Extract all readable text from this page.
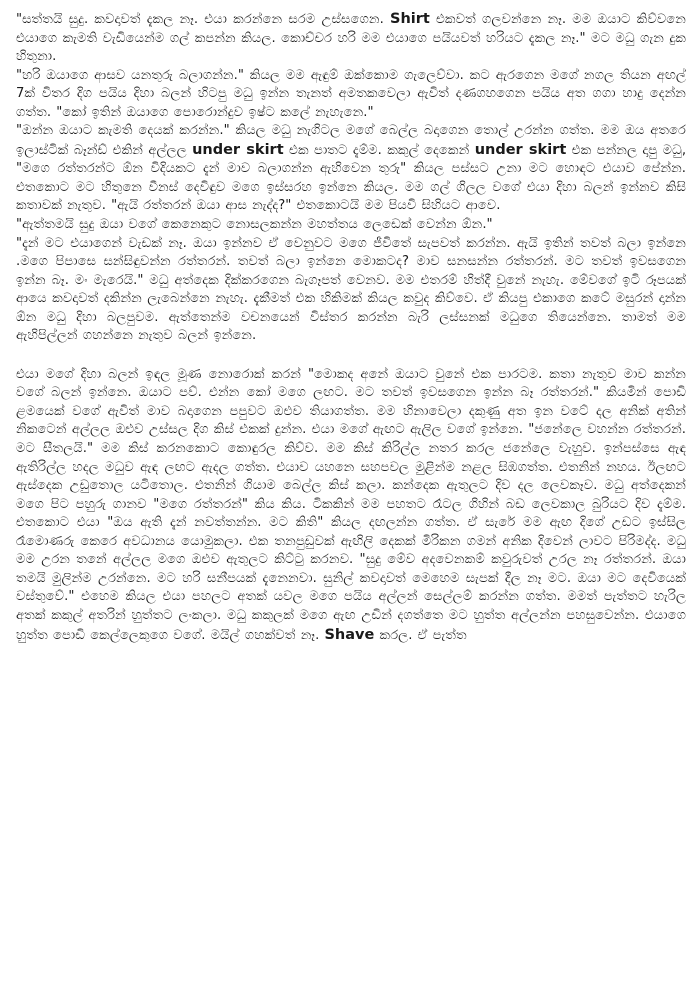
"සත්තයි සුදු. කවදාවත් දැකල නෑ. එයා කරන්නෙ සරම උස්සගෙන. Shirt එකවත් ගලවන්නෙ නෑ. මම ඔයාට කිව්වනෙ එයාගෙ කැමති වැඩියෙන්ම ගල් කපන්න කියල. කොච්චර හරි මම එයාගෙ පයියවත් හරියට දැකල නෑ." මට මධු ගැන දුක හිතුනා.

"හරි ඔයාගෙ ආසව යනතුරු බලාගන්න." කියල මම ඇඳුම් ඔක්කොම ගැලෙව්වා. කට ඇරගෙන මගේ නගල තියන අඟල් 7ක් විතර දිග පයිය දිහා බලන් හිටපු මධු ඉන්න තැනත් අමතකවෙලා ඇවිත් දණගහගෙන පයිය අත ගගා හාදු දෙන්න ගත්ත. "කෝ ඉතින් ඔයාගෙ පොරොන්දුව ඉෂ්ට කලේ නැහැනෙ."

"ඔන්න ඔයාට කැමති දෙයක් කරන්න." කියල මධු නැගිටල මගේ බෙල්ල බදාගෙන තොල් උරන්න ගත්ත. මම ඔය අතරෙ ඉලාස්ටික් බෑන්ඩ් එකින් අල්ලල under skirt එක පාතට දැම්ම. කකුල් දෙකෙන් under skirt එක පන්නල දාපු මධු, "මගෙ රත්තරන්ට ඕන විදියකට දැන් මාව බලාගන්න ඇහිවෙන තුරු" කියල පස්සට උනා මට හොඳට එයාව පේන්න. එතකොට මට හිතුනෙ වීනස් දෙවිඳුව මගෙ ඉස්සරහ ඉන්නෙ කියල. මම ගල් ගිලල වගේ එයා දිහා බලන් ඉන්නව කිසි කතාවක් නැතුව. "ඇයි රත්තරන් ඔයා ආස නැද්ද?" එතකොටයි මම පියවි සිහියට ආවෙ.

"ඇත්තමයි සුදු ඔයා වගේ කෙනෙකුට නොසලකන්න මහත්තය ලෙඩෙක් වෙන්න ඕන."

"දැන් මට එයාගෙන් වැඩක් නෑ. ඔයා ඉන්නව ඒ වෙනුවට මගෙ ජීවිතේ සැපවත් කරන්න. ඇයි ඉතින් තවත් බලා ඉන්නෙ .මගෙ පිපාසෙ සන්සිඳුවන්න රත්තරන්. තවත් බලා ඉන්නෙ මොකටද? මාව සනසන්න රත්තරන්. මට තවත් ඉවසගෙන ඉන්න බෑ. මං මැරෙයි." මධු අත්දෙක දික්කරගෙන බැගෑපත් වෙනව. මම එතරම් හිත්දී වුනේ නැහැ. මේවගේ ඉටි රූපයක් ආයෙ කවදාවත් දකින්න ලැබෙන්නෙ නැහැ. දැකීමත් එක හිකිමක් කියල කවුද කිව්වෙ. ඒ කියපු එකාගෙ කටේ මසුරන් දාන්න ඕන මධු දිහා බලපුවම. ඇත්තෙන්ම වචනයෙන් විස්තර කරන්න බැරි ලස්සනක් මධුගෙ තියෙන්නෙ. තාමත් මම ඇහිපිල්ලන් ගහන්නෙ නැතුව බලන් ඉන්නෙ.

එයා මගේ දිහා බලන් ඉඳල මූණ නොරොක් කරන් "මොකද අනේ ඔයාට වුනේ එක පාරටම. කතා නැතුව මාව කන්න වගේ බලන් ඉන්නෙ. ඔයාට පව්. එන්න කෝ මගෙ ලඟට. මට තවත් ඉවසගෙන ඉන්න බෑ රත්තරන්." කියමින් පොඩි ළමයෙක් වගේ ඇවිත් මාව බදාගෙන පපුවට ඔළුව තියාගත්ත. මම හිනාවෙලා දකුණු අත ඉන වටේ දල අනික් අතින් නිකටෙන් අල්ලල ඔළුව උස්සල දිග කිස් එකක් දුන්න. එයා මගේ ඇඟට ඇලිල වගේ ඉන්නෙ. "ජනේලෙ වහන්න රත්තරන්. මට සීතලයි." මම කිස් කරනකොට කොඳුරල කිව්ව. මම කිස් කිරිල්ල නතර කරල ජනේලෙ වැහුව. ඉන්පස්සෙ ඇඳ ඇතිරිල්ල හදල මධුව ඇඳ ලඟට ඇදල ගත්ත. එයාව යහනෙ සහපවල මුළින්ම නළල සිඹගත්ත. එතනින් නහය. ඊලඟට ඇස්දෙක උඩුතොල යටිතොල. එතනින් ගියාම බෙල්ල කිස් කලා. කන්දෙක ඇතුලට දිව දල ලෙවකෑව. මධු අත්දෙකන් මගෙ පිට පහුරු ගානව "මගෙ රත්තරන්" කිය කිය. ටිකකින් මම පහතට රෑටල ගිහින් බඩ ලෙවකාල බුරියට දිව දැම්ම. එතකොට එයා "ඔය ඇති දැන් නවත්තන්න. මට කිති" කියල දඟලන්න ගත්ත. ඒ සැරේ මම ඇඟ දිගේ උඩට ඉස්සිල රෑමොණරු කෙරෙ අවධානය යොමුකලා. එක තනපුඩුවක් ඇඟිලි දෙකක් මිරිකන ගමන් අනික දිවෙන් ලාවට පිරිමද්ද. මධු මම උරන තනේ අල්ලල මගෙ ඔළුව ඇතුලට කිට්ටු කරනව. "සුදු මේව අදවෙනකම් කවුරුවත් උරල නෑ රත්තරන්. ඔයා තමයි මුලින්ම උරන්නෙ. මට හරි සනීපයක් දැනෙනවා. සුනිල් කවදාවත් මෙහෙම සැපක් දීල නෑ මට. ඔයා මට දෙවියෙක් වස්තුවේ." එහෙම කියල එයා පහලට අතක් යවල මගෙ පයිය අල්ලන් සෙල්ලම් කරන්න ගත්ත. මමත් පැත්තට හැරිල අතක් කකුල් අතරින් හුත්තට ලංකලා. මධු කකුලක් මගෙ ඇඟ උඩින් දගත්තෙ මට හුත්ත අල්ලන්න පහසුවෙන්න. එයාගෙ හුත්ත පොඩි කෙල්ලෙකුගෙ වගේ. මයිල් ගහක්වත් නෑ. Shave කරල. ඒ පැත්ත
